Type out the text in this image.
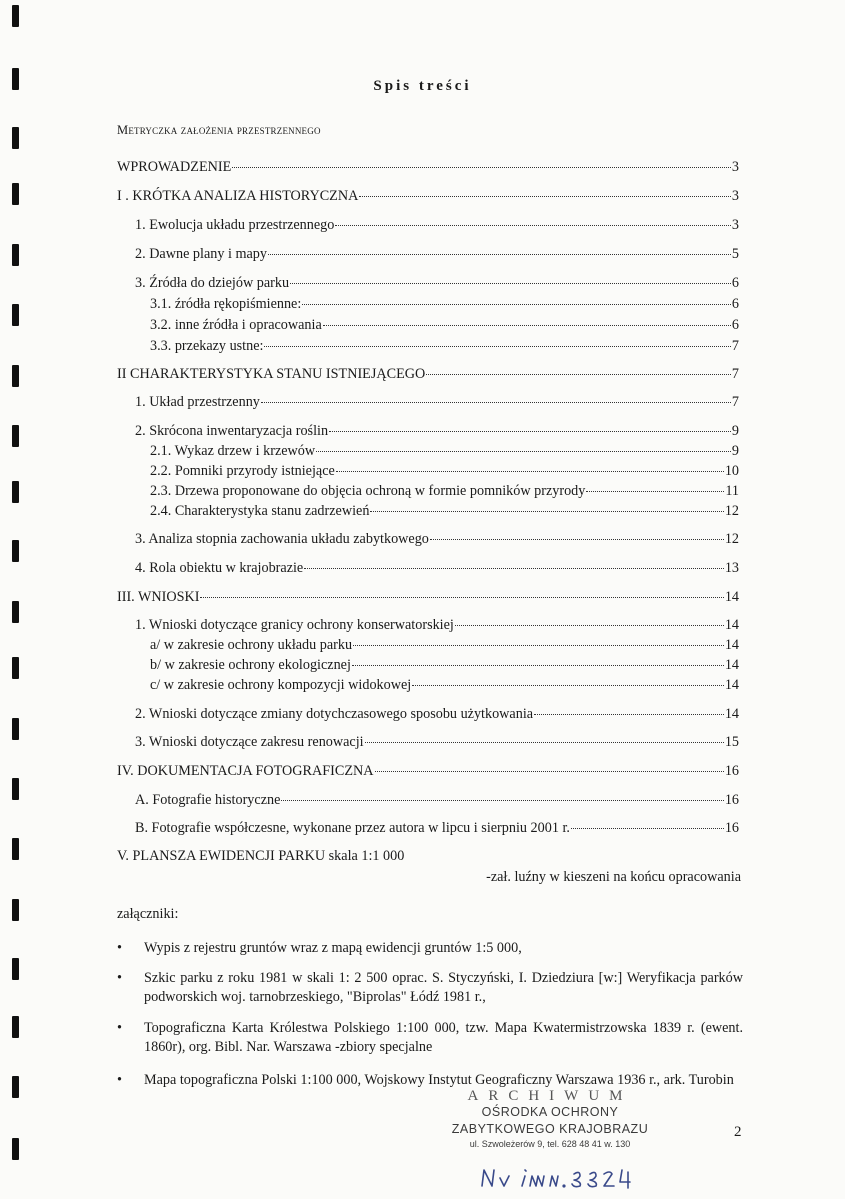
Spis treści
Metryczka założenia przestrzennego
WPROWADZENIE	3
I . KRÓTKA ANALIZA HISTORYCZNA	3
1. Ewolucja układu przestrzennego	3
2. Dawne plany i mapy	5
3. Źródła do dziejów parku	6
3.1. źródła rękopiśmienne:	6
3.2. inne źródła i opracowania	6
3.3. przekazy ustne:	7
II CHARAKTERYSTYKA STANU ISTNIEJĄCEGO	7
1. Układ przestrzenny	7
2. Skrócona inwentaryzacja roślin	9
2.1. Wykaz drzew i krzewów	9
2.2. Pomniki przyrody istniejące	10
2.3. Drzewa proponowane do objęcia ochroną w formie pomników przyrody	11
2.4. Charakterystyka stanu zadrzewień	12
3. Analiza stopnia zachowania układu zabytkowego	12
4. Rola obiektu w krajobrazie	13
III. WNIOSKI	14
1. Wnioski dotyczące granicy ochrony konserwatorskiej	14
a/ w zakresie ochrony układu parku	14
b/ w zakresie ochrony ekologicznej	14
c/ w zakresie ochrony kompozycji widokowej	14
2. Wnioski dotyczące zmiany dotychczasowego sposobu użytkowania	14
3. Wnioski dotyczące zakresu renowacji	15
IV. DOKUMENTACJA FOTOGRAFICZNA	16
A. Fotografie historyczne	16
B. Fotografie współczesne, wykonane przez autora w lipcu i sierpniu 2001 r.	16
V. PLANSZA EWIDENCJI PARKU skala 1:1 000
-zał. luźny w kieszeni na końcu opracowania
załączniki:
• Wypis z rejestru gruntów wraz z mapą ewidencji gruntów 1:5 000,
• Szkic parku z roku 1981 w skali 1: 2 500 oprac. S. Styczyński, I. Dziedziura [w:] Weryfikacja parków podworskich woj. tarnobrzeskiego, "Biprolas" Łódź 1981 r.,
• Topograficzna Karta Królestwa Polskiego 1:100 000, tzw. Mapa Kwatermistrzowska 1839 r. (ewent. 1860r), org. Bibl. Nar. Warszawa -zbiory specjalne
• Mapa topograficzna Polski 1:100 000, Wojskowy Instytut Geograficzny Warszawa 1936 r., ark. Turobin
ARCHIWUM
OŚRODKA OCHRONY
ZABYTKOWEGO KRAJOBRAZU
ul. Szwoleżerów 9, tel. 628 48 41 w. 130
2
